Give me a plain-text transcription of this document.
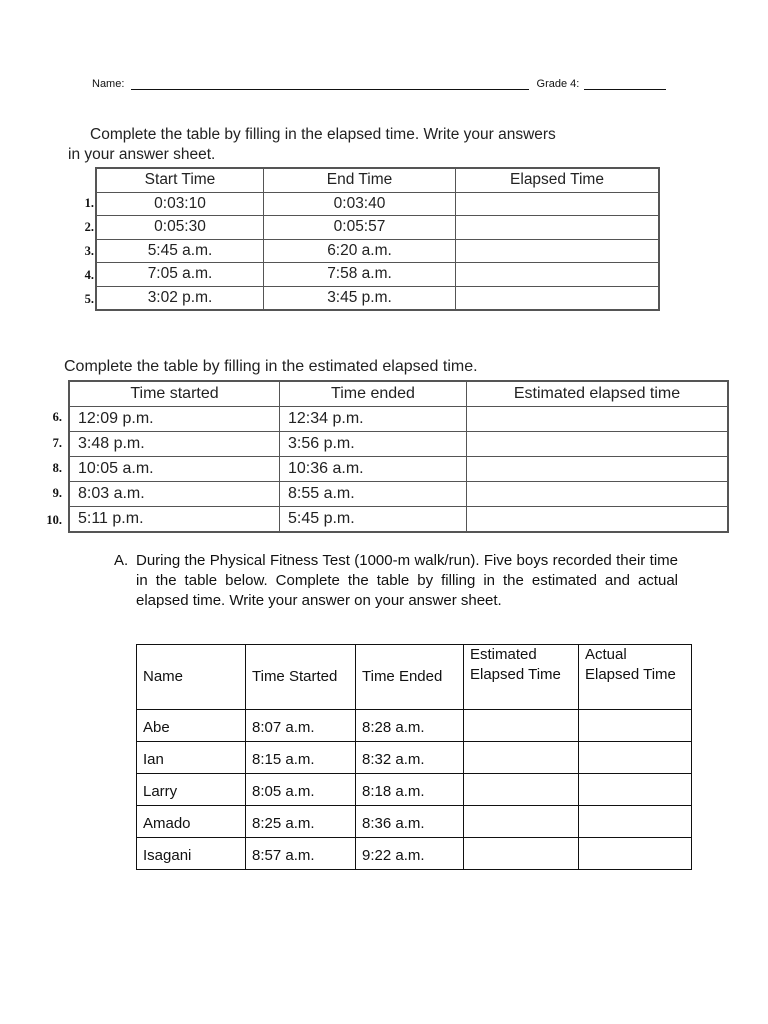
Name:	Grade 4:
Complete the table by filling in the elapsed time. Write your answers
in your answer sheet.
1.
2.
3.
4.
5.
Start Time	End Time	Elapsed Time
0:03:10	0:03:40	
0:05:30	0:05:57	
5:45 a.m.	6:20 a.m.	
7:05 a.m.	7:58 a.m.	
3:02 p.m.	3:45 p.m.	
Complete the table by filling in the estimated elapsed time.
6.
7.
8.
9.
10.
Time started	Time ended	Estimated elapsed time
12:09 p.m.	12:34 p.m.	
3:48 p.m.	3:56 p.m.	
10:05 a.m.	10:36 a.m.	
8:03 a.m.	8:55 a.m.	
5:11 p.m.	5:45 p.m.	
A. During the Physical Fitness Test (1000-m walk/run). Five boys recorded their time in the table below. Complete the table by filling in the estimated and actual elapsed time. Write your answer on your answer sheet.
Name	Time Started	Time Ended	Estimated Elapsed Time	Actual Elapsed Time
Abe	8:07 a.m.	8:28 a.m.		
Ian	8:15 a.m.	8:32 a.m.		
Larry	8:05 a.m.	8:18 a.m.		
Amado	8:25 a.m.	8:36 a.m.		
Isagani	8:57 a.m.	9:22 a.m.		
